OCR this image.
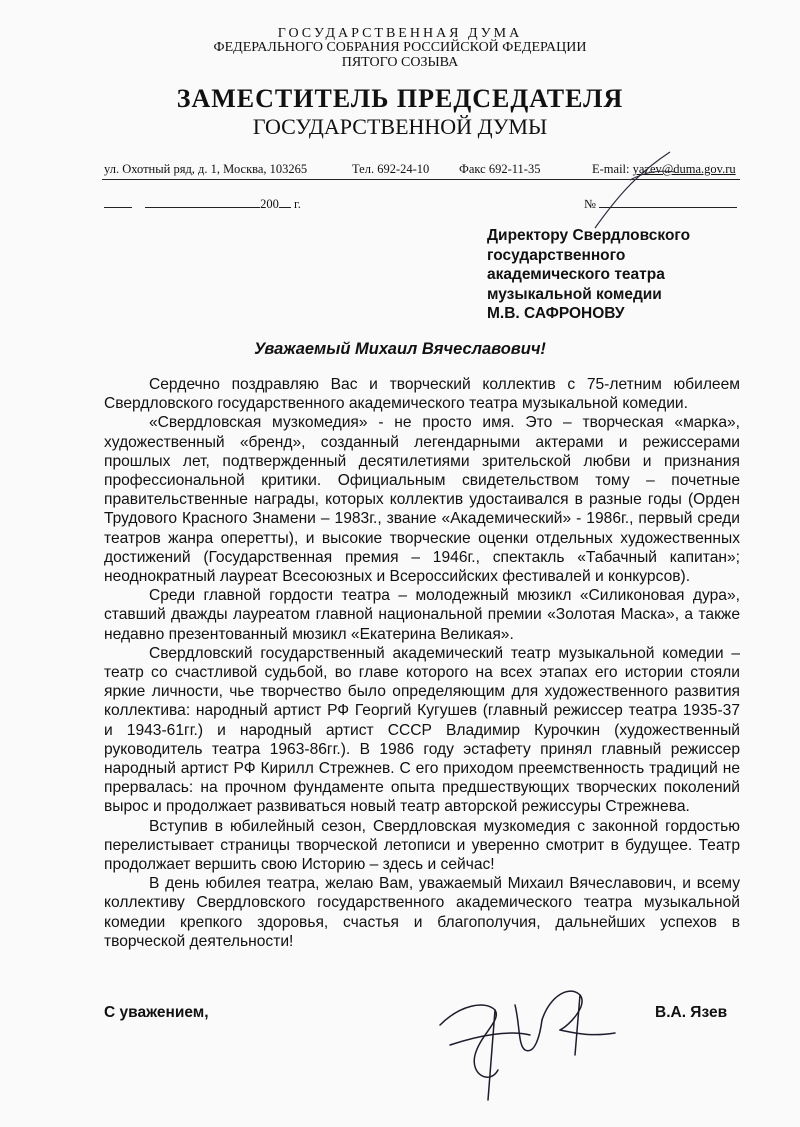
ГОСУДАРСТВЕННАЯ ДУМА
ФЕДЕРАЛЬНОГО СОБРАНИЯ РОССИЙСКОЙ ФЕДЕРАЦИИ
ПЯТОГО СОЗЫВА
ЗАМЕСТИТЕЛЬ ПРЕДСЕДАТЕЛЯ
ГОСУДАРСТВЕННОЙ ДУМЫ
ул. Охотный ряд, д. 1, Москва, 103265	Тел. 692-24-10 Факс 692-11-35	E-mail: yazev@duma.gov.ru
200 г.	№
Директору Свердловского
государственного
академического театра
музыкальной комедии
М.В. САФРОНОВУ
Уважаемый Михаил Вячеславович!

Сердечно поздравляю Вас и творческий коллектив с 75-летним юбилеем Свердловского государственного академического театра музыкальной комедии.

«Свердловская музкомедия» - не просто имя. Это – творческая «марка», художественный «бренд», созданный легендарными актерами и режиссерами прошлых лет, подтвержденный десятилетиями зрительской любви и признания профессиональной критики. Официальным свидетельством тому – почетные правительственные награды, которых коллектив удостаивался в разные годы (Орден Трудового Красного Знамени – 1983г., звание «Академический» - 1986г., первый среди театров жанра оперетты), и высокие творческие оценки отдельных художественных достижений (Государственная премия – 1946г., спектакль «Табачный капитан»; неоднократный лауреат Всесоюзных и Всероссийских фестивалей и конкурсов).

Среди главной гордости театра – молодежный мюзикл «Силиконовая дура», ставший дважды лауреатом главной национальной премии «Золотая Маска», а также недавно презентованный мюзикл «Екатерина Великая».

Свердловский государственный академический театр музыкальной комедии – театр со счастливой судьбой, во главе которого на всех этапах его истории стояли яркие личности, чье творчество было определяющим для художественного развития коллектива: народный артист РФ Георгий Кугушев (главный режиссер театра 1935-37 и 1943-61гг.) и народный артист СССР Владимир Курочкин (художественный руководитель театра 1963-86гг.). В 1986 году эстафету принял главный режиссер народный артист РФ Кирилл Стрежнев. С его приходом преемственность традиций не прервалась: на прочном фундаменте опыта предшествующих творческих поколений вырос и продолжает развиваться новый театр авторской режиссуры Стрежнева.

Вступив в юбилейный сезон, Свердловская музкомедия с законной гордостью перелистывает страницы творческой летописи и уверенно смотрит в будущее. Театр продолжает вершить свою Историю – здесь и сейчас!

В день юбилея театра, желаю Вам, уважаемый Михаил Вячеславович, и всему коллективу Свердловского государственного академического театра музыкальной комедии крепкого здоровья, счастья и благополучия, дальнейших успехов в творческой деятельности!

С уважением,	В.А. Язев
